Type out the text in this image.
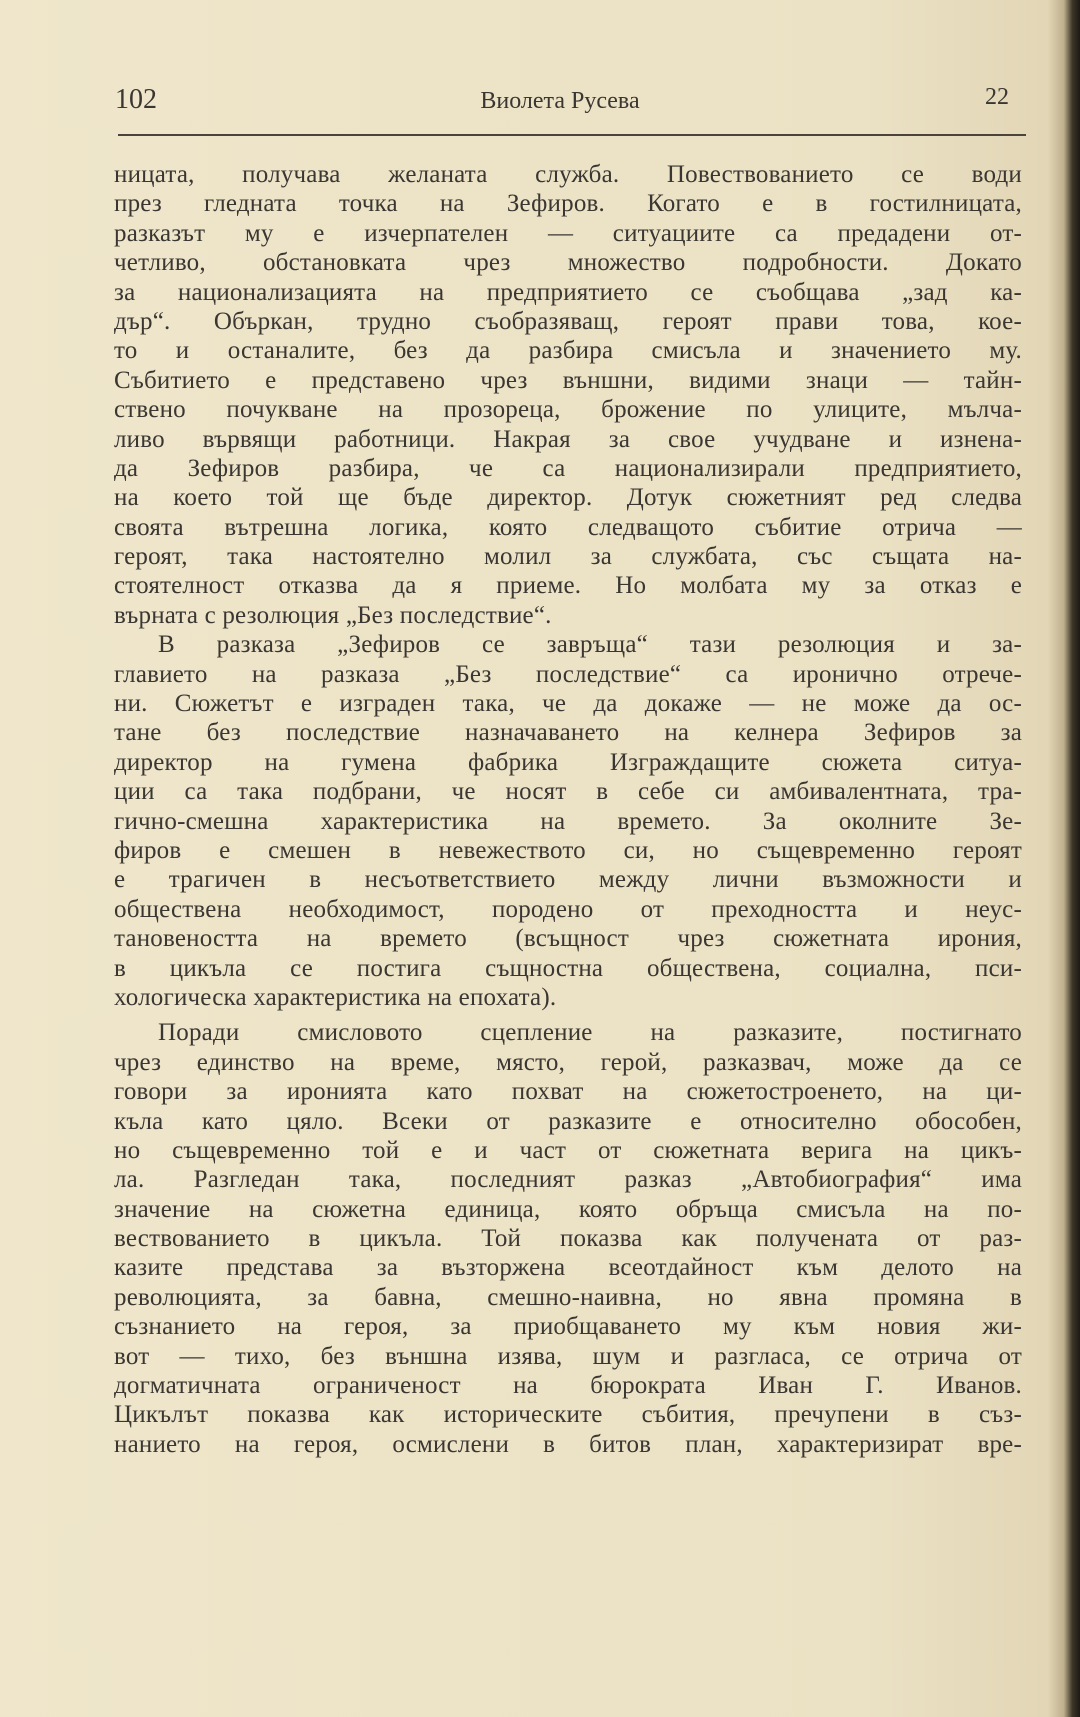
102	Виолета Русева	22
ницата, получава желаната служба. Повествованието се води
през гледната точка на Зефиров. Когато е в гостилницата,
разказът му е изчерпателен — ситуациите са предадени от-
четливо, обстановката чрез множество подробности. Докато
за национализацията на предприятието се съобщава „зад ка-
дър“. Объркан, трудно съобразяващ, героят прави това, кое-
то и останалите, без да разбира смисъла и значението му.
Събитието е представено чрез външни, видими знаци — тайн-
ствено почукване на прозореца, брожение по улиците, мълча-
ливо вървящи работници. Накрая за свое учудване и изнена-
да Зефиров разбира, че са национализирали предприятието,
на което той ще бъде директор. Дотук сюжетният ред следва
своята вътрешна логика, която следващото събитие отрича —
героят, така настоятелно молил за службата, със същата на-
стоятелност отказва да я приеме. Но молбата му за отказ е
върната с резолюция „Без последствие“.
В разказа „Зефиров се завръща“ тази резолюция и за-
главието на разказа „Без последствие“ са иронично отрече-
ни. Сюжетът е изграден така, че да докаже — не може да ос-
тане без последствие назначаването на келнера Зефиров за
директор на гумена фабрика Изграждащите сюжета ситуа-
ции са така подбрани, че носят в себе си амбивалентната, тра-
гично-смешна характеристика на времето. За околните Зе-
фиров е смешен в невежеството си, но същевременно героят
е трагичен в несъответствието между лични възможности и
обществена необходимост, породено от преходността и неус-
тановеността на времето (всъщност чрез сюжетната ирония,
в цикъла се постига същностна обществена, социална, пси-
хологическа характеристика на епохата).
Поради смисловото сцепление на разказите, постигнато
чрез единство на време, място, герой, разказвач, може да се
говори за иронията като похват на сюжетостроенето, на ци-
къла като цяло. Всеки от разказите е относително обособен,
но същевременно той е и част от сюжетната верига на цикъ-
ла. Разгледан така, последният разказ „Автобиография“ има
значение на сюжетна единица, която обръща смисъла на по-
вествованието в цикъла. Той показва как получената от раз-
казите представа за възторжена всеотдайност към делото на
революцията, за бавна, смешно-наивна, но явна промяна в
съзнанието на героя, за приобщаването му към новия жи-
вот — тихо, без външна изява, шум и разгласа, се отрича от
догматичната ограниченост на бюрократа Иван Г. Иванов.
Цикълът показва как историческите събития, пречупени в съз-
нанието на героя, осмислени в битов план, характеризират вре-
